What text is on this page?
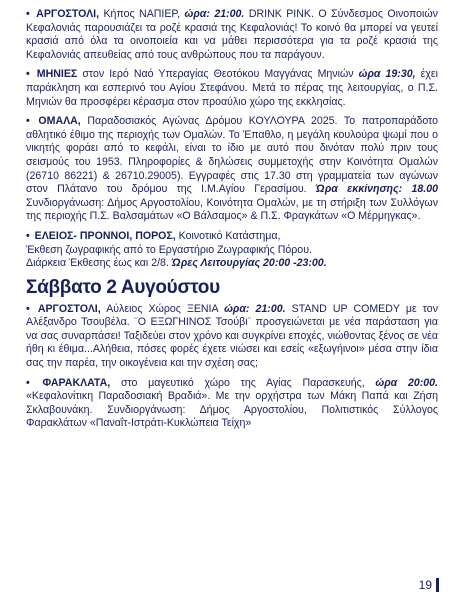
• ΑΡΓΟΣΤΟΛΙ, Κήπος ΝΑΠΙΕΡ, ώρα: 21:00. DRINK PINK. Ο Σύνδεσμος Οινοποιών Κεφαλονιάς παρουσιάζει τα ροζέ κρασιά της Κεφαλονιάς! Το κοινό θα μπορεί να γευτεί κρασιά από όλα τα οινοποιεία και να μάθει περισσότερα για τα ροζέ κρασιά της Κεφαλονιάς απευθείας από τους ανθρώπους που τα παράγουν.
• ΜΗΝΙΕΣ στον Ιερό Ναό Υπεραγίας Θεοτόκου Μαγγάνας Μηνιών ώρα 19:30, έχει παράκληση και εσπερινό του Αγίου Στεφάνου. Μετά το πέρας της λειτουργίας, ο Π.Σ. Μηνιών θα προσφέρει κέρασμα στον προαύλιο χώρο της εκκλησίας.
• ΟΜΑΛΑ, Παραδοσιακός Αγώνας Δρόμου ΚΟΥΛΟΥΡΑ 2025. Το πατροπαράδοτο αθλητικό έθιμο της περιοχής των Ομαλών. Το Έπαθλο, η μεγάλη κουλούρα ψωμί που ο νικητής φοράει από το κεφάλι, είναι το ίδιο με αυτό που δινόταν πολύ πριν τους σεισμούς του 1953. Πληροφορίες & δηλώσεις συμμετοχής στην Κοινότητα Ομαλών (26710 86221) & 26710.29005). Εγγραφές στις 17.30 στη γραμματεία των αγώνων στον Πλάτανο του δρόμου της Ι.Μ.Αγίου Γερασίμου. Ώρα εκκίνησης: 18.00 Συνδιοργάνωση: Δήμος Αργοστολίου, Κοινότητα Ομαλών, με τη στήριξη των Συλλόγων της περιοχής Π.Σ. Βαλσαμάτων «Ο Βάλσαμος» & Π.Σ. Φραγκάτων «Ο Μέρμηγκας».
• ΕΛΕΙΟΣ- ΠΡΟΝΝΟΙ, ΠΟΡΟΣ, Κοινοτικό Κατάστημα,
Έκθεση ζωγραφικής από το Εργαστήριο Ζωγραφικής Πόρου.
Διάρκεια Έκθεσης έως και 2/8. Ώρες Λειτουργίας 20:00 -23:00.
Σάββατο 2 Αυγούστου
• ΑΡΓΟΣΤΟΛΙ, Αύλειος Χώρος ΞΕΝΙΑ ώρα: 21:00. STAND UP COMEDY με τον Αλέξανδρο Τσουβέλα. ¨Ο ΕΞΩΓΗΙΝΟΣ Τσούβι¨ προσγειώνεται με νέα παράσταση για να σας συναρπάσει! Ταξιδεύει στον χρόνο και συγκρίνει εποχές, νιώθοντας ξένος σε νέα ήθη κι έθιμα...Αλήθεια, πόσες φορές έχετε νιώσει και εσείς «εξωγήινοι» μέσα στην ίδια σας την παρέα, την οικογένεια και την σχέση σας;
• ΦΑΡΑΚΛΑΤΑ, στο μαγευτικό χώρο της Αγίας Παρασκευής, ώρα 20:00. «Κεφαλονίτικη Παραδοσιακή Βραδιά». Με την ορχήστρα των Μάκη Παπά και Ζήση Σκλαβουνάκη. Συνδιοργάνωση: Δήμος Αργοστολίου, Πολιτιστικός Σύλλογος Φαρακλάτων «Παναΐτ-Ιστράτι-Κυκλώπεια Τείχη»
19
